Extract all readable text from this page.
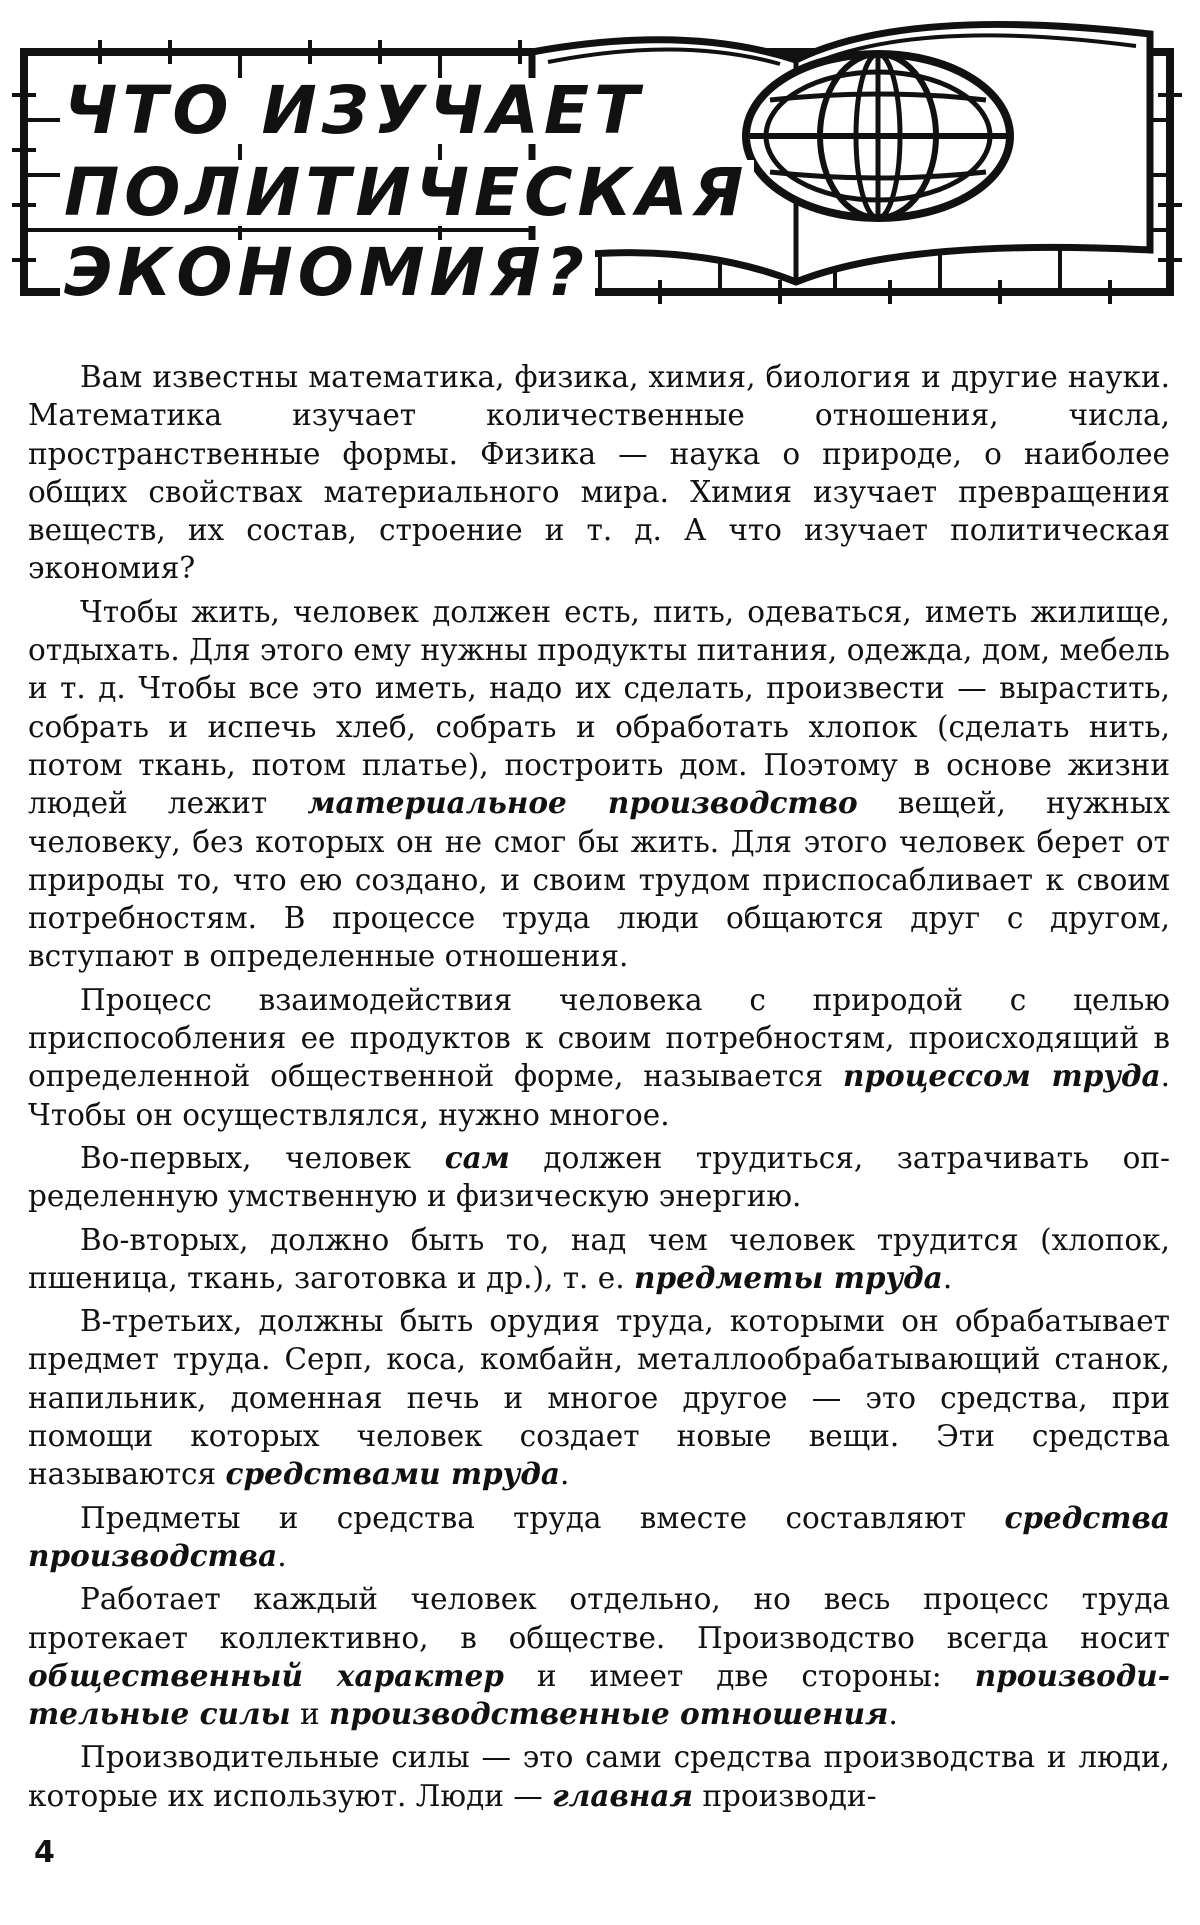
ЧТО ИЗУЧАЕТ
ПОЛИТИЧЕСКАЯ
ЭКОНОМИЯ?

Вам известны математика, физика, химия, биология и другие науки. Математика изучает количественные отношения, числа, пространственные формы. Физика — наука о природе, о наиболее общих свойствах материального мира. Химия изучает превращения веществ, их состав, строение и т. д. А что изучает политическая экономия?

Чтобы жить, человек должен есть, пить, одеваться, иметь жилище, отдыхать. Для этого ему нужны продукты питания, одежда, дом, мебель и т. д. Чтобы все это иметь, надо их сделать, произвести — вырастить, собрать и испечь хлеб, собрать и обработать хлопок (сделать нить, потом ткань, потом платье), построить дом. Поэтому в основе жизни людей лежит материальное производство вещей, нужных человеку, без которых он не смог бы жить. Для этого человек берет от природы то, что ею создано, и своим трудом приспосабливает к своим потребностям. В процессе труда люди общаются друг с другом, вступают в определенные отношения.

Процесс взаимодействия человека с природой с целью приспособления ее продуктов к своим потребностям, происходящий в определенной общественной форме, называется процессом труда. Чтобы он осуществлялся, нужно многое.

Во-первых, человек сам должен трудиться, затрачивать определенную умственную и физическую энергию.

Во-вторых, должно быть то, над чем человек трудится (хлопок, пшеница, ткань, заготовка и др.), т. е. предметы труда.

В-третьих, должны быть орудия труда, которыми он обрабатывает предмет труда. Серп, коса, комбайн, металлообрабатывающий станок, напильник, доменная печь и многое другое — это средства, при помощи которых человек создает новые вещи. Эти средства называются средствами труда.

Предметы и средства труда вместе составляют средства производства.

Работает каждый человек отдельно, но весь процесс труда протекает коллективно, в обществе. Производство всегда носит общественный характер и имеет две стороны: производительные силы и производственные отношения.

Производительные силы — это сами средства производства и люди, которые их используют. Люди — главная производи-

4
